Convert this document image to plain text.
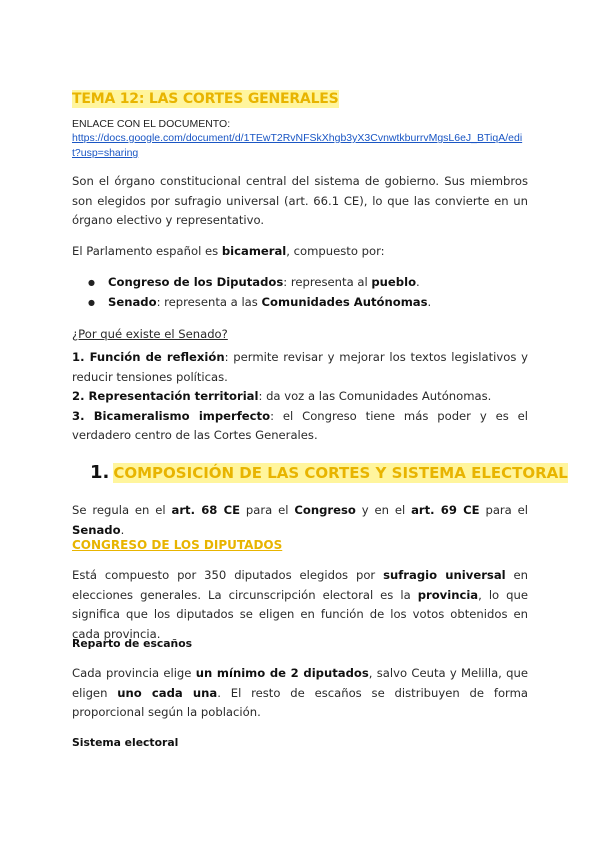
TEMA 12: LAS CORTES GENERALES
ENLACE CON EL DOCUMENTO:
https://docs.google.com/document/d/1TEwT2RvNFSkXhgb3yX3CvnwtkburrvMgsL6eJ_BTiqA/edit?usp=sharing

Son el órgano constitucional central del sistema de gobierno. Sus miembros son elegidos por sufragio universal (art. 66.1 CE), lo que las convierte en un órgano electivo y representativo.

El Parlamento español es bicameral, compuesto por:

● Congreso de los Diputados: representa al pueblo.
● Senado: representa a las Comunidades Autónomas.
¿Por qué existe el Senado?

1. Función de reflexión: permite revisar y mejorar los textos legislativos y reducir tensiones políticas.
2. Representación territorial: da voz a las Comunidades Autónomas.
3. Bicameralismo imperfecto: el Congreso tiene más poder y es el verdadero centro de las Cortes Generales.

1. COMPOSICIÓN DE LAS CORTES Y SISTEMA ELECTORAL

Se regula en el art. 68 CE para el Congreso y en el art. 69 CE para el Senado.

CONGRESO DE LOS DIPUTADOS

Está compuesto por 350 diputados elegidos por sufragio universal en elecciones generales. La circunscripción electoral es la provincia, lo que significa que los diputados se eligen en función de los votos obtenidos en cada provincia.

Reparto de escaños

Cada provincia elige un mínimo de 2 diputados, salvo Ceuta y Melilla, que eligen uno cada una. El resto de escaños se distribuyen de forma proporcional según la población.

Sistema electoral
